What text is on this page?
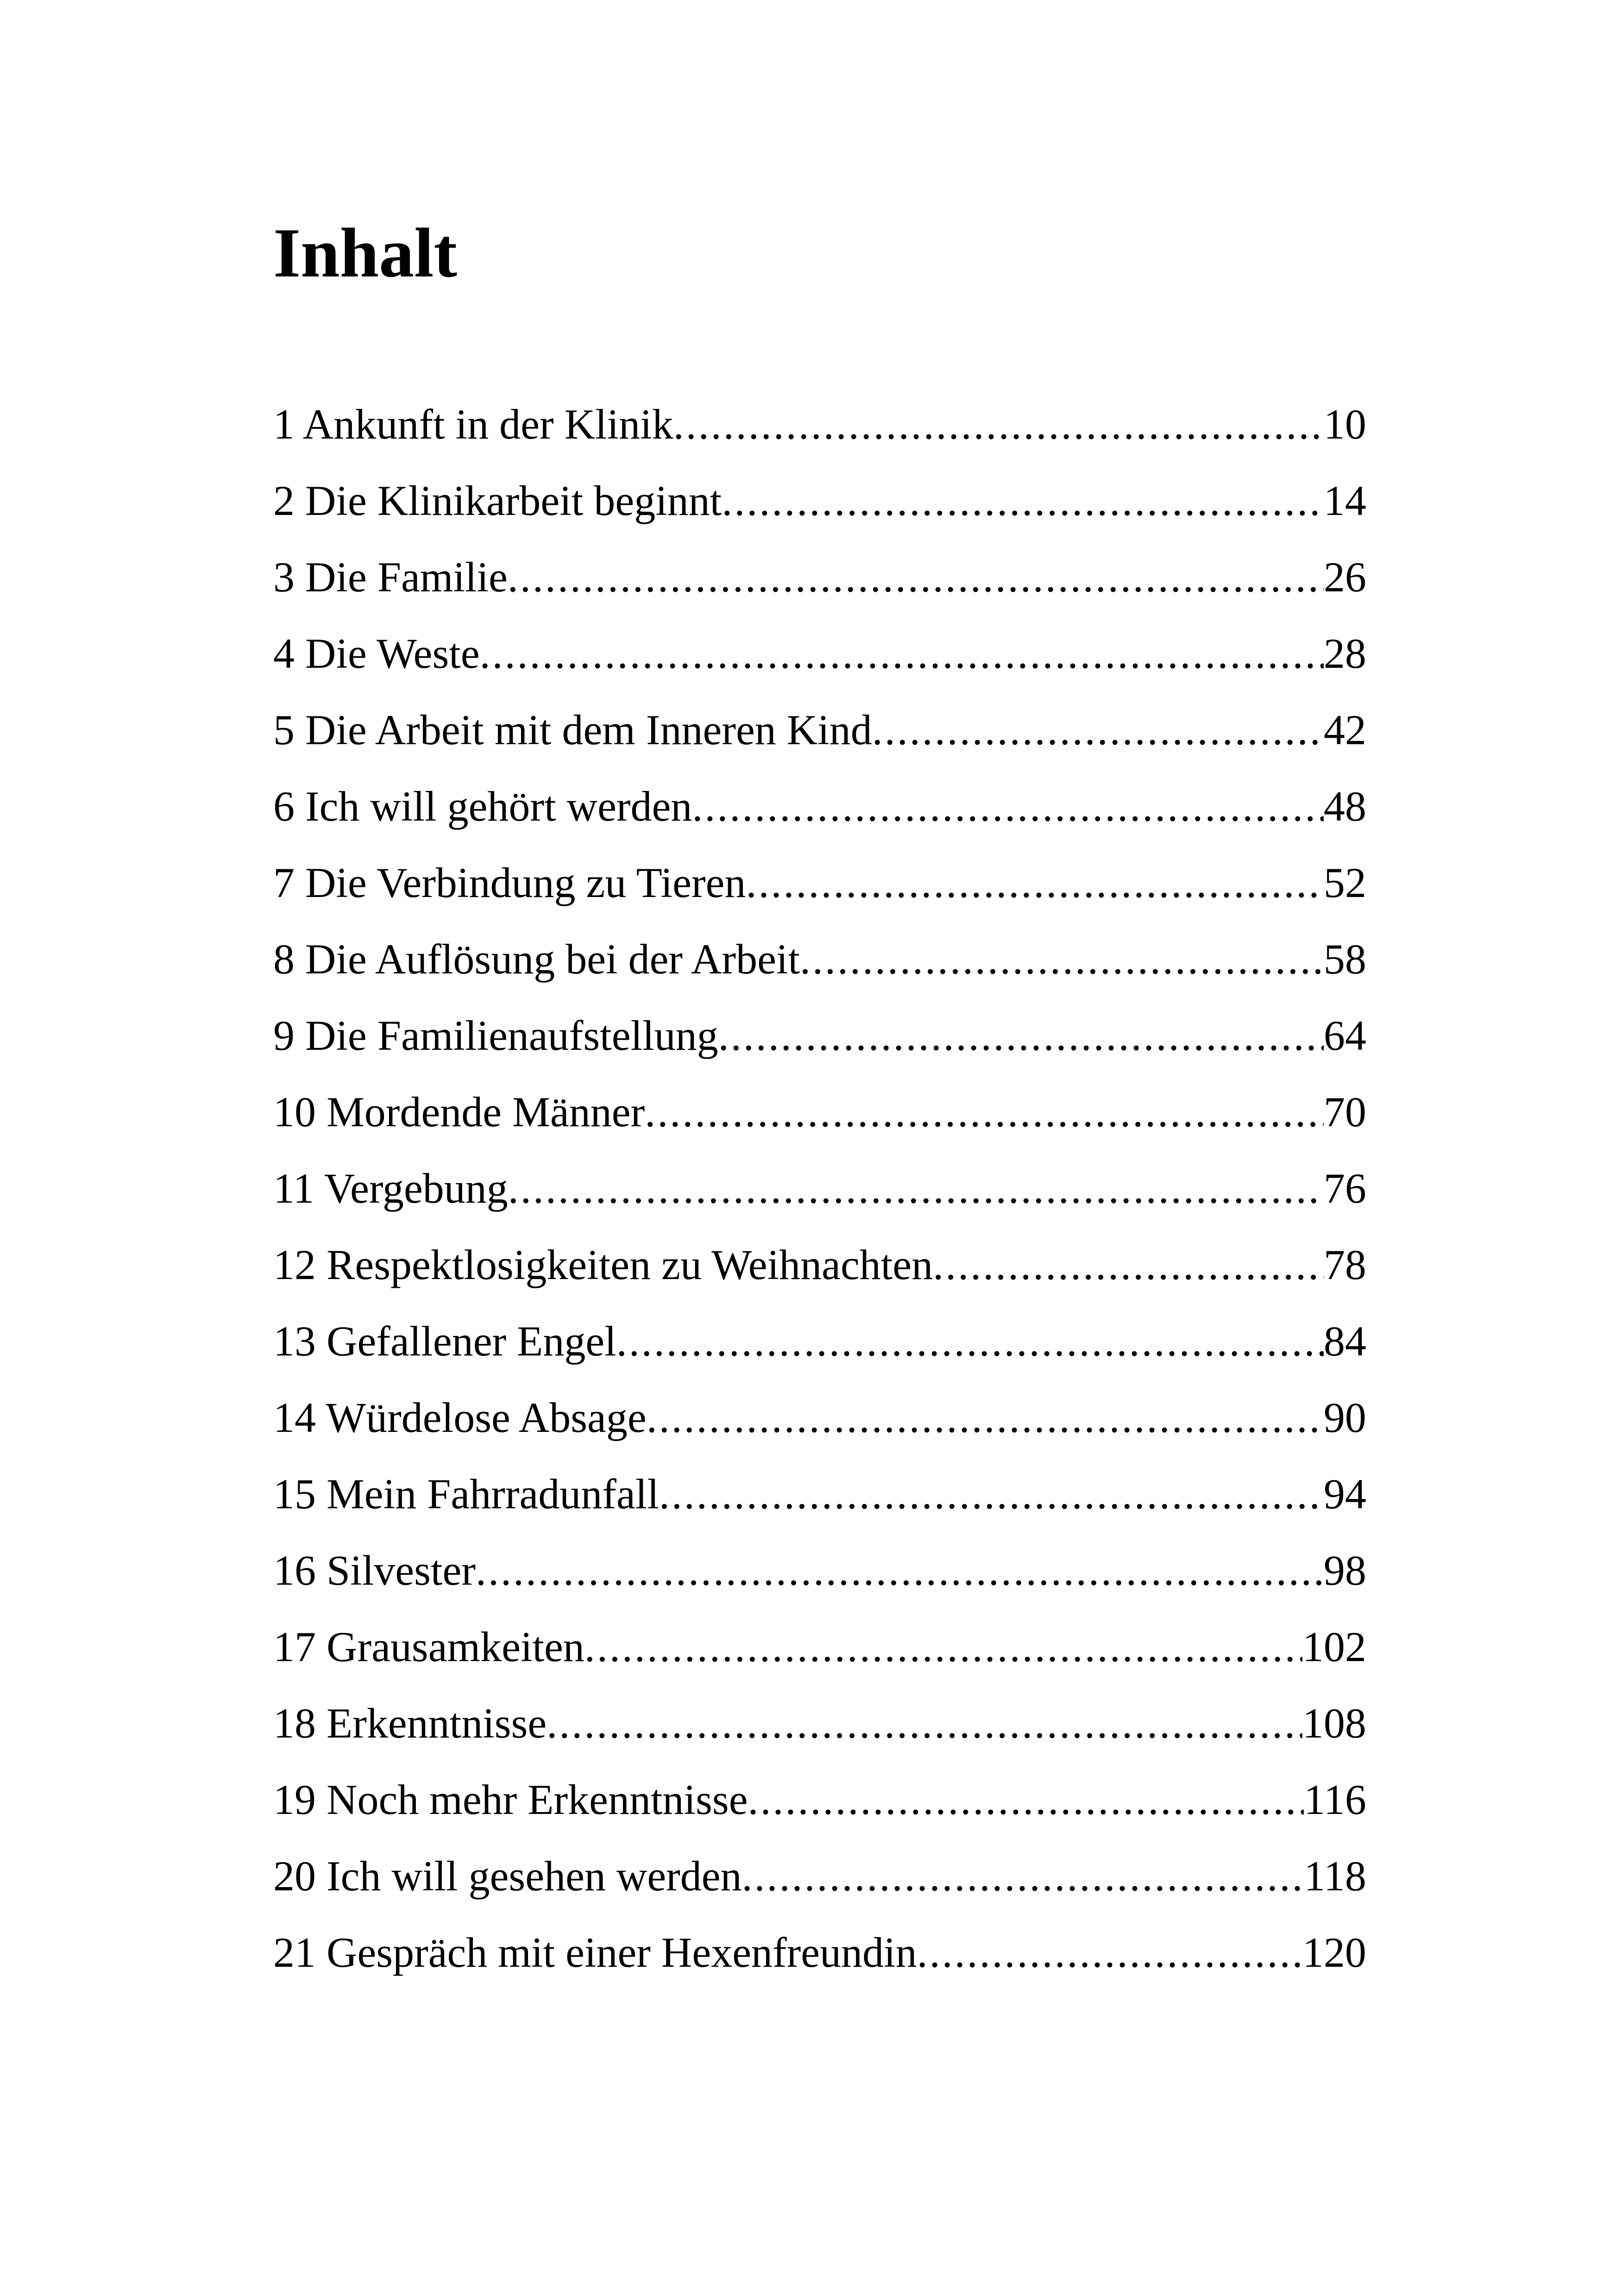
Inhalt
1 Ankunft in der Klinik .....	10
2 Die Klinikarbeit beginnt .....	14
3 Die Familie .....	26
4 Die Weste .....	28
5 Die Arbeit mit dem Inneren Kind .....	42
6 Ich will gehört werden .....	48
7 Die Verbindung zu Tieren .....	52
8 Die Auflösung bei der Arbeit .....	58
9 Die Familienaufstellung .....	64
10 Mordende Männer .....	70
11 Vergebung .....	76
12 Respektlosigkeiten zu Weihnachten .....	78
13 Gefallener Engel .....	84
14 Würdelose Absage .....	90
15 Mein Fahrradunfall .....	94
16 Silvester .....	98
17 Grausamkeiten .....	102
18 Erkenntnisse .....	108
19 Noch mehr Erkenntnisse .....	116
20 Ich will gesehen werden .....	118
21 Gespräch mit einer Hexenfreundin .....	120
